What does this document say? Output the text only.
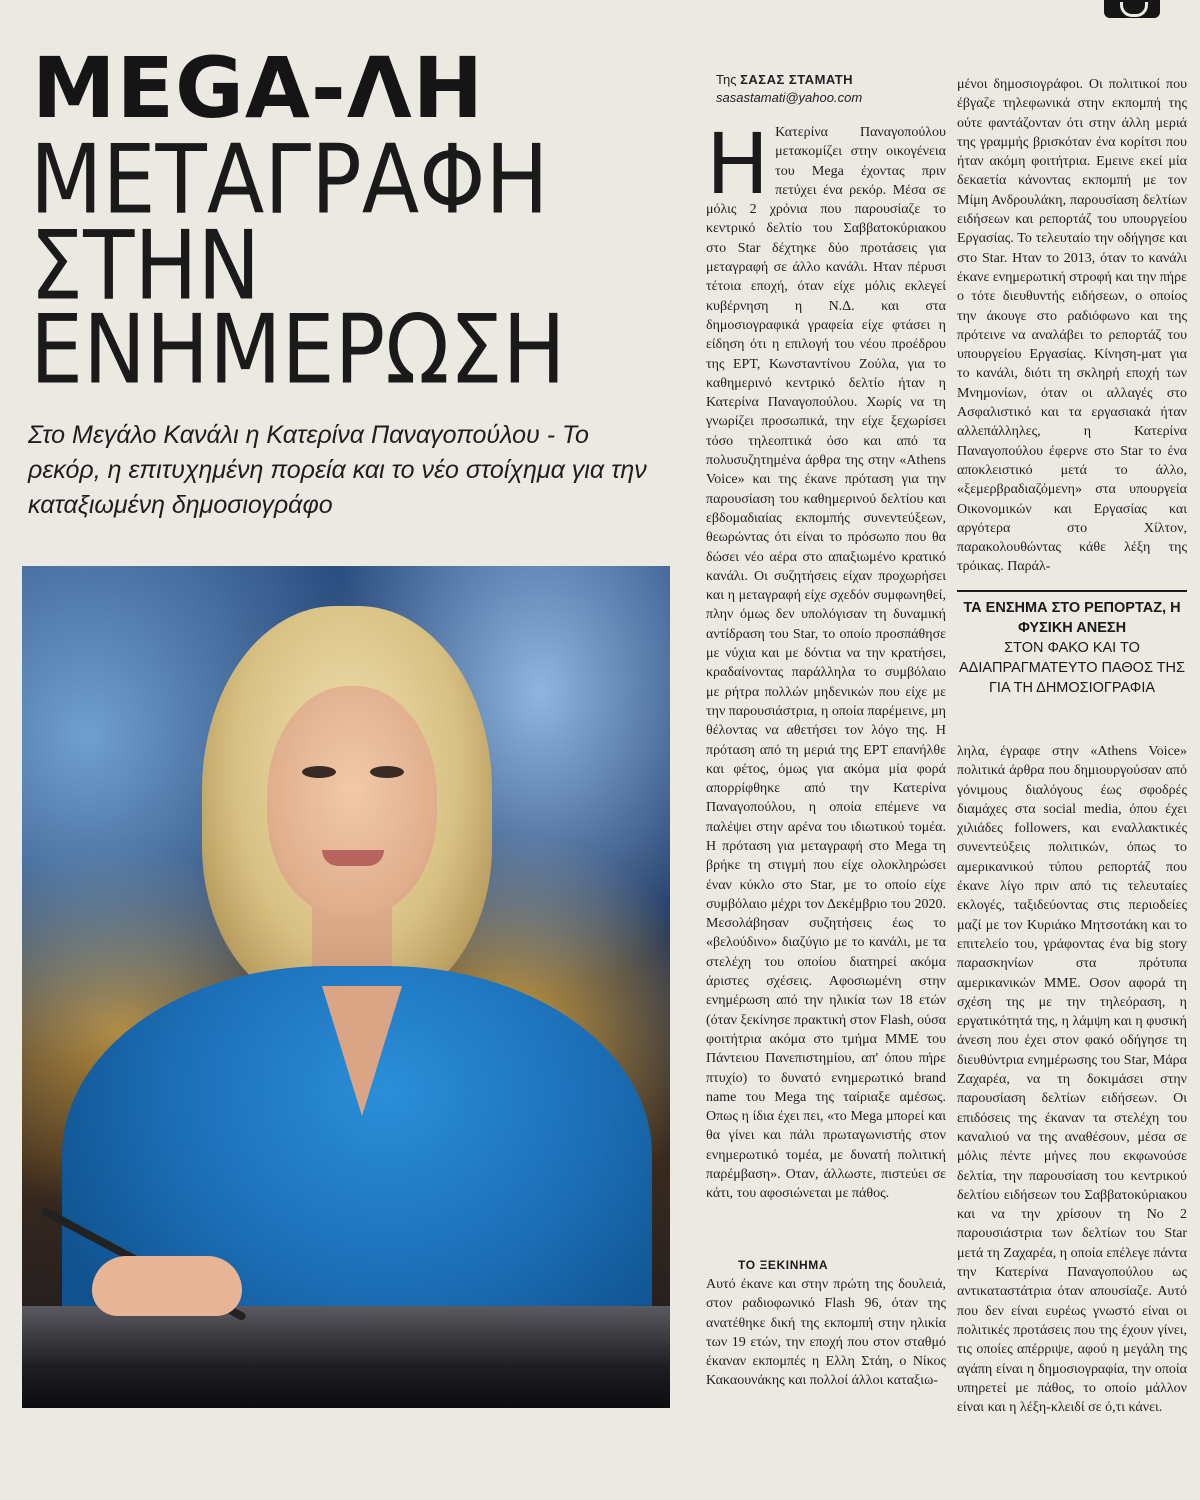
MEGA-ΛΗ
ΜΕΤΑΓΡΑΦΗ
ΣΤΗΝ
ΕΝΗΜΕΡΩΣΗ
Στο Μεγάλο Κανάλι η Κατερίνα Παναγοπούλου - Το ρεκόρ, η επιτυχημένη πορεία και το νέο στοίχημα για την καταξιωμένη δημοσιογράφο
Της ΣΑΣΑΣ ΣΤΑΜΑΤΗ
sasastamati@yahoo.com

Η Κατερίνα Παναγοπούλου μετακομίζει στην οικογένεια του Mega έχοντας πριν πετύχει ένα ρεκόρ. Μέσα σε μόλις 2 χρόνια που παρουσίαζε το κεντρικό δελτίο του Σαββατοκύριακου στο Star δέχτηκε δύο προτάσεις για μεταγραφή σε άλλο κανάλι. Ηταν πέρυσι τέτοια εποχή, όταν είχε μόλις εκλεγεί κυβέρνηση η Ν.Δ. και στα δημοσιογραφικά γραφεία είχε φτάσει η είδηση ότι η επιλογή του νέου προέδρου της ΕΡΤ, Κωνσταντίνου Ζούλα, για το καθημερινό κεντρικό δελτίο ήταν η Κατερίνα Παναγοπούλου. Χωρίς να τη γνωρίζει προσωπικά, την είχε ξεχωρίσει τόσο τηλεοπτικά όσο και από τα πολυσυζητημένα άρθρα της στην «Athens Voice» και της έκανε πρόταση για την παρουσίαση του καθημερινού δελτίου και εβδομαδιαίας εκπομπής συνεντεύξεων, θεωρώντας ότι είναι το πρόσωπο που θα δώσει νέο αέρα στο απαξιωμένο κρατικό κανάλι. Οι συζητήσεις είχαν προχωρήσει και η μεταγραφή είχε σχεδόν συμφωνηθεί, πλην όμως δεν υπολόγισαν τη δυναμική αντίδραση του Star, το οποίο προσπάθησε με νύχια και με δόντια να την κρατήσει, κραδαίνοντας παράλληλα το συμβόλαιο με ρήτρα πολλών μηδενικών που είχε με την παρουσιάστρια, η οποία παρέμεινε, μη θέλοντας να αθετήσει τον λόγο της. Η πρόταση από τη μεριά της ΕΡΤ επανήλθε και φέτος, όμως για ακόμα μία φορά απορρίφθηκε από την Κατερίνα Παναγοπούλου, η οποία επέμενε να παλέψει στην αρένα του ιδιωτικού τομέα. Η πρόταση για μεταγραφή στο Mega τη βρήκε τη στιγμή που είχε ολοκληρώσει έναν κύκλο στο Star, με το οποίο είχε συμβόλαιο μέχρι τον Δεκέμβριο του 2020. Μεσολάβησαν συζητήσεις έως το «βελούδινο» διαζύγιο με το κανάλι, με τα στελέχη του οποίου διατηρεί ακόμα άριστες σχέσεις. Αφοσιωμένη στην ενημέρωση από την ηλικία των 18 ετών (όταν ξεκίνησε πρακτική στον Flash, ούσα φοιτήτρια ακόμα στο τμήμα ΜΜΕ του Πάντειου Πανεπιστημίου, απ' όπου πήρε πτυχίο) το δυνατό ενημερωτικό brand name του Mega της ταίριαξε αμέσως. Οπως η ίδια έχει πει, «το Mega μπορεί και θα γίνει και πάλι πρωταγωνιστής στον ενημερωτικό τομέα, με δυνατή πολιτική παρέμβαση». Οταν, άλλωστε, πιστεύει σε κάτι, του αφοσιώνεται με πάθος.

ΤΟ ΞΕΚΙΝΗΜΑ

Αυτό έκανε και στην πρώτη της δουλειά, στον ραδιοφωνικό Flash 96, όταν της ανατέθηκε δική της εκπομπή στην ηλικία των 19 ετών, την εποχή που στον σταθμό έκαναν εκπομπές η Ελλη Στάη, ο Νίκος Κακαουνάκης και πολλοί άλλοι καταξιω-

μένοι δημοσιογράφοι. Οι πολιτικοί που έβγαζε τηλεφωνικά στην εκπομπή της ούτε φαντάζονταν ότι στην άλλη μεριά της γραμμής βρισκόταν ένα κορίτσι που ήταν ακόμη φοιτήτρια. Εμεινε εκεί μία δεκαετία κάνοντας εκπομπή με τον Μίμη Ανδρουλάκη, παρουσίαση δελτίων ειδήσεων και ρεπορτάζ του υπουργείου Εργασίας. Το τελευταίο την οδήγησε και στο Star. Ηταν το 2013, όταν το κανάλι έκανε ενημερωτική στροφή και την πήρε ο τότε διευθυντής ειδήσεων, ο οποίος την άκουγε στο ραδιόφωνο και της πρότεινε να αναλάβει το ρεπορτάζ του υπουργείου Εργασίας. Κίνηση-ματ για το κανάλι, διότι τη σκληρή εποχή των Μνημονίων, όταν οι αλλαγές στο Ασφαλιστικό και τα εργασιακά ήταν αλλεπάλληλες, η Κατερίνα Παναγοπούλου έφερνε στο Star το ένα αποκλειστικό μετά το άλλο, «ξεμερβραδιαζόμενη» στα υπουργεία Οικονομικών και Εργασίας και αργότερα στο Χίλτον, παρακολουθώντας κάθε λέξη της τρόικας. Παράλ-

ΤΑ ΕΝΣΗΜΑ ΣΤΟ ΡΕΠΟΡΤΑΖ, Η ΦΥΣΙΚΗ ΑΝΕΣΗ
ΣΤΟΝ ΦΑΚΟ ΚΑΙ ΤΟ ΑΔΙΑΠΡΑΓΜΑΤΕΥΤΟ ΠΑΘΟΣ ΤΗΣ ΓΙΑ ΤΗ ΔΗΜΟΣΙΟΓΡΑΦΙΑ

ληλα, έγραφε στην «Athens Voice» πολιτικά άρθρα που δημιουργούσαν από γόνιμους διαλόγους έως σφοδρές διαμάχες στα social media, όπου έχει χιλιάδες followers, και εναλλακτικές συνεντεύξεις πολιτικών, όπως το αμερικανικού τύπου ρεπορτάζ που έκανε λίγο πριν από τις τελευταίες εκλογές, ταξιδεύοντας στις περιοδείες μαζί με τον Κυριάκο Μητσοτάκη και το επιτελείο του, γράφοντας ένα big story παρασκηνίων στα πρότυπα αμερικανικών ΜΜΕ. Οσον αφορά τη σχέση της με την τηλεόραση, η εργατικότητά της, η λάμψη και η φυσική άνεση που έχει στον φακό οδήγησε τη διευθύντρια ενημέρωσης του Star, Μάρα Ζαχαρέα, να τη δοκιμάσει στην παρουσίαση δελτίων ειδήσεων. Οι επιδόσεις της έκαναν τα στελέχη του καναλιού να της αναθέσουν, μέσα σε μόλις πέντε μήνες που εκφωνούσε δελτία, την παρουσίαση του κεντρικού δελτίου ειδήσεων του Σαββατοκύριακου και να την χρίσουν τη Νο 2 παρουσιάστρια των δελτίων του Star μετά τη Ζαχαρέα, η οποία επέλεγε πάντα την Κατερίνα Παναγοπούλου ως αντικαταστάτρια όταν απουσίαζε. Αυτό που δεν είναι ευρέως γνωστό είναι οι πολιτικές προτάσεις που της έχουν γίνει, τις οποίες απέρριψε, αφού η μεγάλη της αγάπη είναι η δημοσιογραφία, την οποία υπηρετεί με πάθος, το οποίο μάλλον είναι και η λέξη-κλειδί σε ό,τι κάνει.
